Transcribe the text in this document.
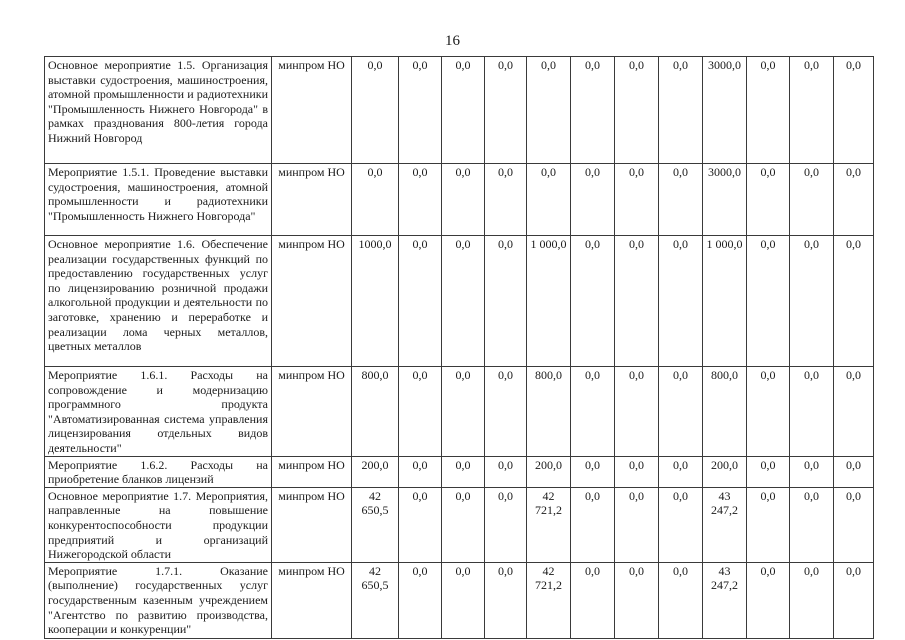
16
Основное мероприятие 1.5. Организация выставки судостроения, машиностроения, атомной промышленности и радиотехники "Промышленность Нижнего Новгорода" в рамках празднования 800-летия города Нижний Новгород	минпром НО	0,0	0,0	0,0	0,0	0,0	0,0	0,0	0,0	3000,0	0,0	0,0	0,0
Мероприятие 1.5.1. Проведение выставки судостроения, машиностроения, атомной промышленности и радиотехники "Промышленность Нижнего Новгорода"	минпром НО	0,0	0,0	0,0	0,0	0,0	0,0	0,0	0,0	3000,0	0,0	0,0	0,0
Основное мероприятие 1.6. Обеспечение реализации государственных функций по предоставлению государственных услуг по лицензированию розничной продажи алкогольной продукции и деятельности по заготовке, хранению и переработке и реализации лома черных металлов, цветных металлов	минпром НО	1000,0	0,0	0,0	0,0	1 000,0	0,0	0,0	0,0	1 000,0	0,0	0,0	0,0
Мероприятие 1.6.1. Расходы на сопровождение и модернизацию программного продукта "Автоматизированная система управления лицензирования отдельных видов деятельности"	минпром НО	800,0	0,0	0,0	0,0	800,0	0,0	0,0	0,0	800,0	0,0	0,0	0,0
Мероприятие 1.6.2. Расходы на приобретение бланков лицензий	минпром НО	200,0	0,0	0,0	0,0	200,0	0,0	0,0	0,0	200,0	0,0	0,0	0,0
Основное мероприятие 1.7. Мероприятия, направленные на повышение конкурентоспособности продукции предприятий и организаций Нижегородской области	минпром НО	42 650,5	0,0	0,0	0,0	42 721,2	0,0	0,0	0,0	43 247,2	0,0	0,0	0,0
Мероприятие 1.7.1. Оказание (выполнение) государственных услуг государственным казенным учреждением "Агентство по развитию производства, кооперации и конкуренции"	минпром НО	42 650,5	0,0	0,0	0,0	42 721,2	0,0	0,0	0,0	43 247,2	0,0	0,0	0,0
